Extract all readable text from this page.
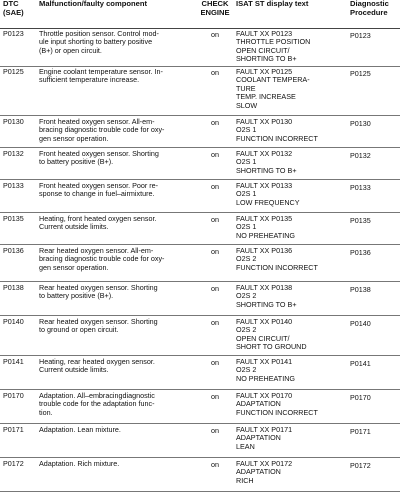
DTC
(SAE)
Malfunction/faulty component	CHECK
ENGINE
ISAT ST display text	Diagnostic
Procedure
P0123	Throttle position sensor. Control mod-
ule input shorting to battery positive
(B+) or open circuit.
on	FAULT XX P0123
THROTTLE POSITION
OPEN CIRCUIT/
SHORTING TO B+
P0123
P0125	Engine coolant temperature sensor. In-
sufficient temperature increase.
on	FAULT XX P0125
COOLANT TEMPERA-
TURE
TEMP. INCREASE
SLOW
P0125
P0130	Front heated oxygen sensor. All-em-
bracing diagnostic trouble code for oxy-
gen sensor operation.
on	FAULT XX P0130
O2S 1
FUNCTION INCORRECT
P0130
P0132	Front heated oxygen sensor. Shorting
to battery positive (B+).
on	FAULT XX P0132
O2S 1
SHORTING TO B+
P0132
P0133	Front heated oxygen sensor. Poor re-
sponse to change in fuel–airmixture.
on	FAULT XX P0133
O2S 1
LOW FREQUENCY
P0133
P0135	Heating, front heated oxygen sensor.
Current outside limits.
on	FAULT XX P0135
O2S 1
NO PREHEATING
P0135
P0136	Rear heated oxygen sensor. All-em-
bracing diagnostic trouble code for oxy-
gen sensor operation.
on	FAULT XX P0136
O2S 2
FUNCTION INCORRECT
P0136
P0138	Rear heated oxygen sensor. Shorting
to battery positive (B+).
on	FAULT XX P0138
O2S 2
SHORTING TO B+
P0138
P0140	Rear heated oxygen sensor. Shorting
to ground or open circuit.
on	FAULT XX P0140
O2S 2
OPEN CIRCUIT/
SHORT TO GROUND
P0140
P0141	Heating, rear heated oxygen sensor.
Current outside limits.
on	FAULT XX P0141
O2S 2
NO PREHEATING
P0141
P0170	Adaptation. All–embracingdiagnostic
trouble code for the adaptation func-
tion.
on	FAULT XX P0170
ADAPTATION
FUNCTION INCORRECT
P0170
P0171	Adaptation. Lean mixture.	on	FAULT XX P0171
ADAPTATION
LEAN
P0171
P0172	Adaptation. Rich mixture.	on	FAULT XX P0172
ADAPTATION
RICH
P0172
